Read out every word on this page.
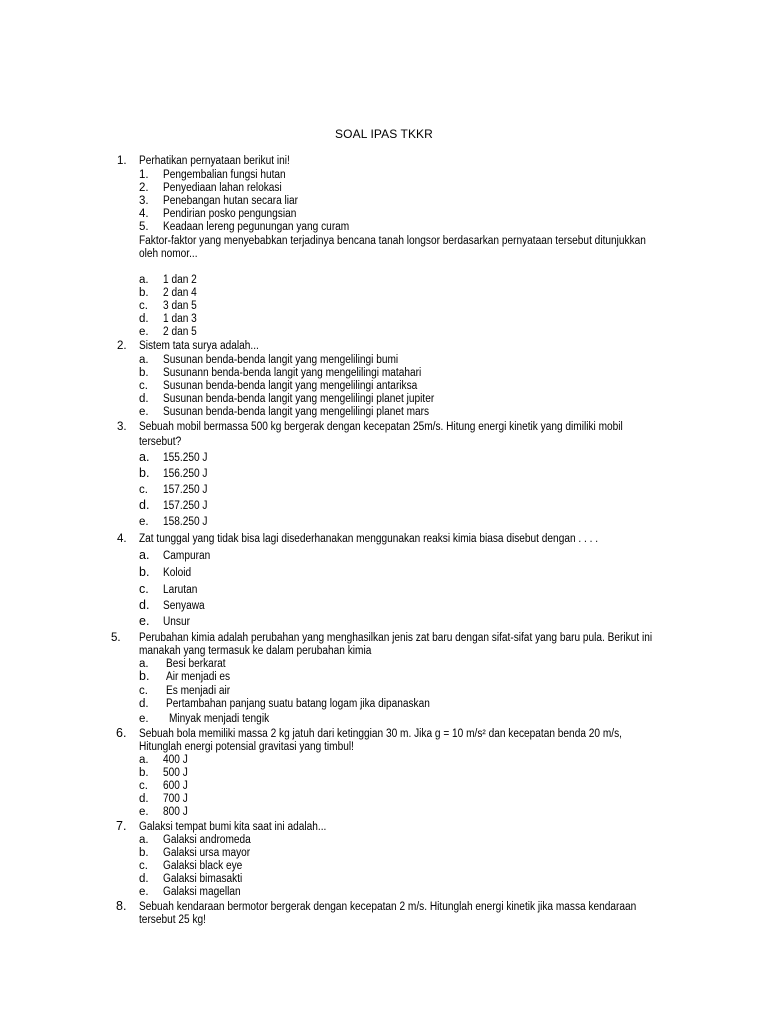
SOAL IPAS TKKR
1. Perhatikan pernyataan berikut ini!
1. Pengembalian fungsi hutan
2. Penyediaan lahan relokasi
3. Penebangan hutan secara liar
4. Pendirian posko pengungsian
5. Keadaan lereng pegunungan yang curam
Faktor-faktor yang menyebabkan terjadinya bencana tanah longsor berdasarkan pernyataan tersebut ditunjukkan
oleh nomor...
a. 1 dan 2
b. 2 dan 4
c. 3 dan 5
d. 1 dan 3
e. 2 dan 5
2. Sistem tata surya adalah...
a. Susunan benda-benda langit yang mengelilingi bumi
b. Susunann benda-benda langit yang mengelilingi matahari
c. Susunan benda-benda langit yang mengelilingi antariksa
d. Susunan benda-benda langit yang mengelilingi planet jupiter
e. Susunan benda-benda langit yang mengelilingi planet mars
3. Sebuah mobil bermassa 500 kg bergerak dengan kecepatan 25m/s. Hitung energi kinetik yang dimiliki mobil
tersebut?
a. 155.250 J
b. 156.250 J
c. 157.250 J
d. 157.250 J
e. 158.250 J
4. Zat tunggal yang tidak bisa lagi disederhanakan menggunakan reaksi kimia biasa disebut dengan . . . .
a. Campuran
b. Koloid
c. Larutan
d. Senyawa
e. Unsur
5. Perubahan kimia adalah perubahan yang menghasilkan jenis zat baru dengan sifat-sifat yang baru pula. Berikut ini
manakah yang termasuk ke dalam perubahan kimia
a. Besi berkarat
b. Air menjadi es
c. Es menjadi air
d. Pertambahan panjang suatu batang logam jika dipanaskan
e. Minyak menjadi tengik
6. Sebuah bola memiliki massa 2 kg jatuh dari ketinggian 30 m. Jika g = 10 m/s² dan kecepatan benda 20 m/s,
Hitunglah energi potensial gravitasi yang timbul!
a. 400 J
b. 500 J
c. 600 J
d. 700 J
e. 800 J
7. Galaksi tempat bumi kita saat ini adalah...
a. Galaksi andromeda
b. Galaksi ursa mayor
c. Galaksi black eye
d. Galaksi bimasakti
e. Galaksi magellan
8. Sebuah kendaraan bermotor bergerak dengan kecepatan 2 m/s. Hitunglah energi kinetik jika massa kendaraan
tersebut 25 kg!
